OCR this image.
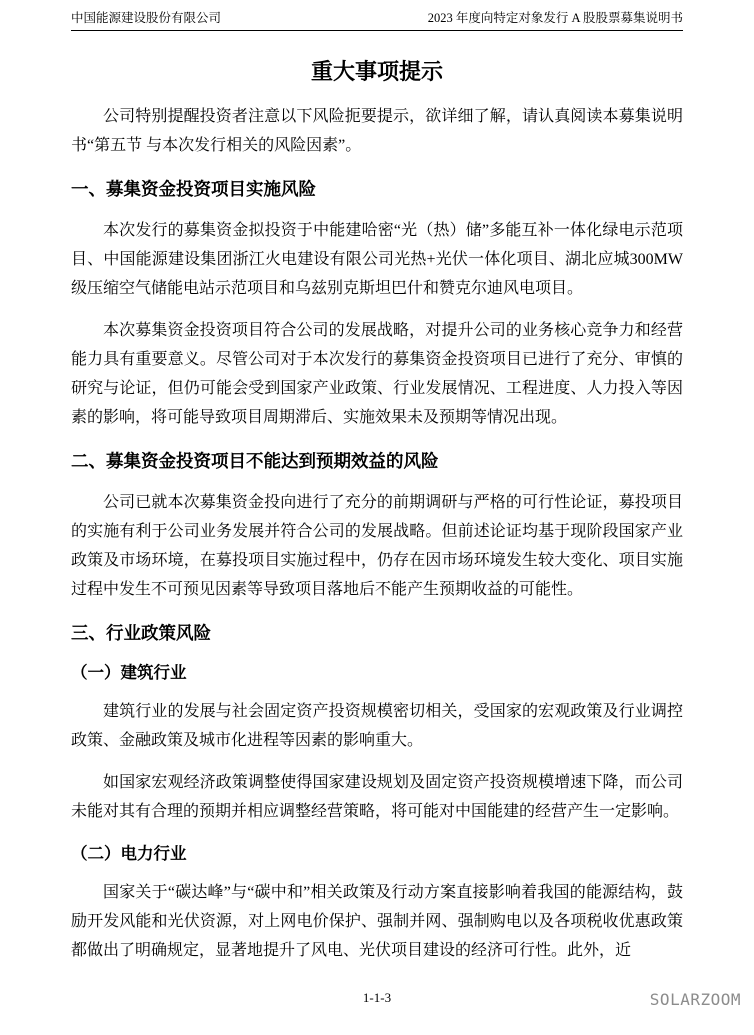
中国能源建设股份有限公司	2023 年度向特定对象发行 A 股股票募集说明书
重大事项提示

公司特别提醒投资者注意以下风险扼要提示，欲详细了解，请认真阅读本募集说明书“第五节 与本次发行相关的风险因素”。

一、募集资金投资项目实施风险

本次发行的募集资金拟投资于中能建哈密“光（热）储”多能互补一体化绿电示范项目、中国能源建设集团浙江火电建设有限公司光热+光伏一体化项目、湖北应城300MW 级压缩空气储能电站示范项目和乌兹别克斯坦巴什和赞克尔迪风电项目。

本次募集资金投资项目符合公司的发展战略，对提升公司的业务核心竞争力和经营能力具有重要意义。尽管公司对于本次发行的募集资金投资项目已进行了充分、审慎的研究与论证，但仍可能会受到国家产业政策、行业发展情况、工程进度、人力投入等因素的影响，将可能导致项目周期滞后、实施效果未及预期等情况出现。

二、募集资金投资项目不能达到预期效益的风险

公司已就本次募集资金投向进行了充分的前期调研与严格的可行性论证，募投项目的实施有利于公司业务发展并符合公司的发展战略。但前述论证均基于现阶段国家产业政策及市场环境，在募投项目实施过程中，仍存在因市场环境发生较大变化、项目实施过程中发生不可预见因素等导致项目落地后不能产生预期收益的可能性。

三、行业政策风险
（一）建筑行业

建筑行业的发展与社会固定资产投资规模密切相关，受国家的宏观政策及行业调控政策、金融政策及城市化进程等因素的影响重大。

如国家宏观经济政策调整使得国家建设规划及固定资产投资规模增速下降，而公司未能对其有合理的预期并相应调整经营策略，将可能对中国能建的经营产生一定影响。

（二）电力行业

国家关于“碳达峰”与“碳中和”相关政策及行动方案直接影响着我国的能源结构，鼓励开发风能和光伏资源，对上网电价保护、强制并网、强制购电以及各项税收优惠政策都做出了明确规定，显著地提升了风电、光伏项目建设的经济可行性。此外，近

1-1-3	SOLARZOOM
